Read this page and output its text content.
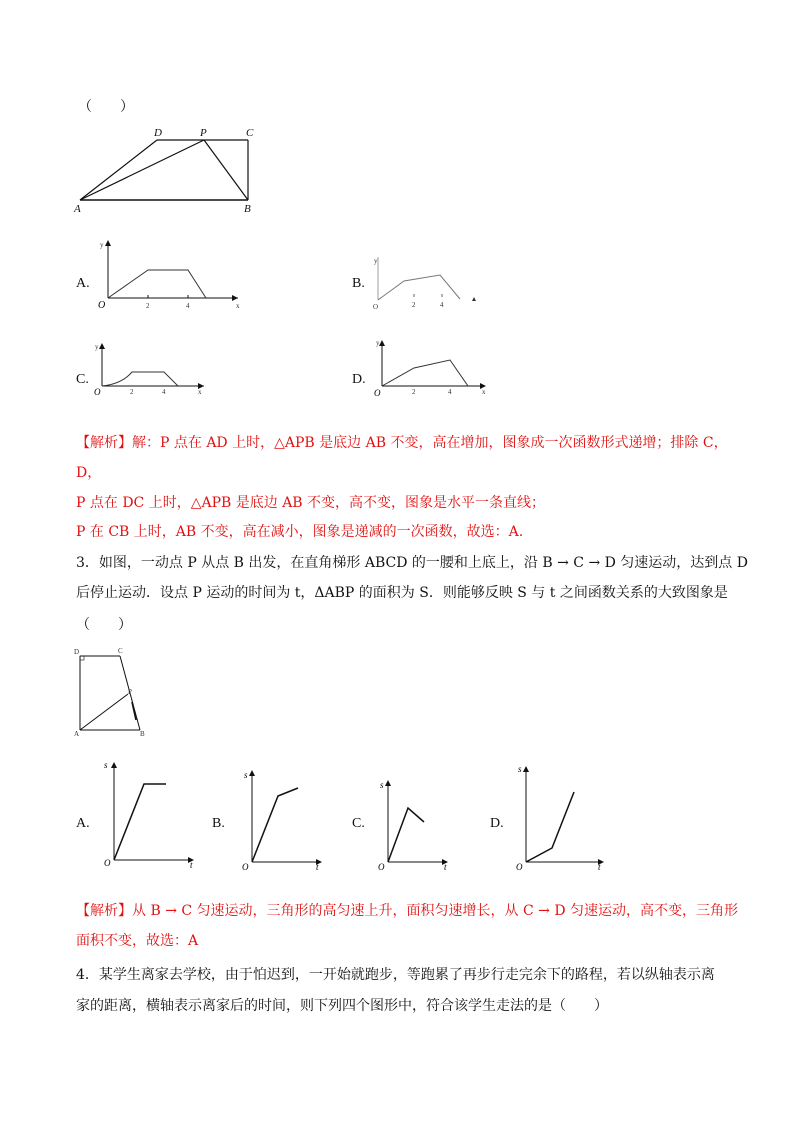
（　　）
D	P	C
A	B
A.
y
O	2	4	x
B.
y
O	2	4
C.
y
O	2	4	x
D.
y
O	2	4	x
【解析】解：P 点在 AD 上时，△APB 是底边 AB 不变，高在增加，图象成一次函数形式递增；排除 C，
D，
P 点在 DC 上时，△APB 是底边 AB 不变，高不变，图象是水平一条直线；
P 在 CB 上时，AB 不变，高在减小，图象是递减的一次函数，故选：A.
3．如图，一动点 P 从点 B 出发，在直角梯形 ABCD 的一腰和上底上，沿 B → C → D 匀速运动，达到点 D
后停止运动．设点 P 运动的时间为 t，ΔABP 的面积为 S．则能够反映 S 与 t 之间函数关系的大致图象是
（　　）
D	C
P
A	B
A.
s
O	t
B.
s
O	t
C.
s
O	t
D.
s
O	t
【解析】从 B → C 匀速运动，三角形的高匀速上升，面积匀速增长，从 C → D 匀速运动，高不变，三角形
面积不变，故选：A
4．某学生离家去学校，由于怕迟到，一开始就跑步，等跑累了再步行走完余下的路程，若以纵轴表示离
家的距离，横轴表示离家后的时间，则下列四个图形中，符合该学生走法的是（　　）
